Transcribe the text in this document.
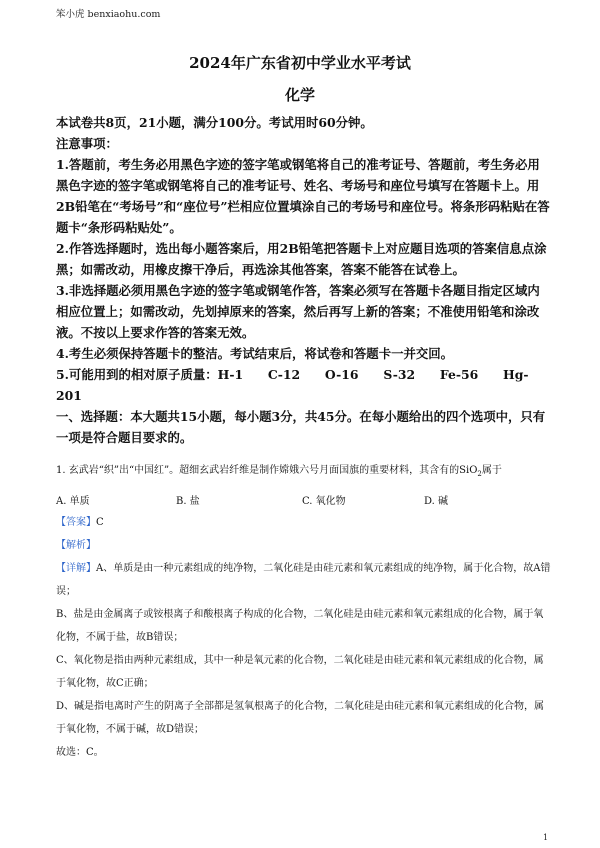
笨小虎 benxiaohu.com
2024年广东省初中学业水平考试
化学

本试卷共8页，21小题，满分100分。考试用时60分钟。

注意事项：

1.答题前，考生务必用黑色字迹的签字笔或钢笔将自己的准考证号、答题前，考生务必用黑色字迹的签字笔或钢笔将自己的准考证号、姓名、考场号和座位号填写在答题卡上。用2B铅笔在“考场号”和“座位号”栏相应位置填涂自己的考场号和座位号。将条形码粘贴在答题卡“条形码粘贴处”。

2.作答选择题时，选出每小题答案后，用2B铅笔把答题卡上对应题目选项的答案信息点涂黑；如需改动，用橡皮擦干净后，再选涂其他答案，答案不能答在试卷上。

3.非选择题必须用黑色字迹的签字笔或钢笔作答，答案必须写在答题卡各题目指定区域内相应位置上；如需改动，先划掉原来的答案，然后再写上新的答案；不准使用铅笔和涂改液。不按以上要求作答的答案无效。

4.考生必须保持答题卡的整洁。考试结束后，将试卷和答题卡一并交回。

5.可能用到的相对原子质量：H-1　　C-12　　O-16　　S-32　　Fe-56　　Hg-201

一、选择题：本大题共15小题，每小题3分，共45分。在每小题给出的四个选项中，只有一项是符合题目要求的。

1. 玄武岩“织”出“中国红”。超细玄武岩纤维是制作嫦娥六号月面国旗的重要材料，其含有的SiO$_2$属于
A. 单质	B. 盐	C. 氧化物	D. 碱

【答案】C

【解析】

【详解】A、单质是由一种元素组成的纯净物，二氧化硅是由硅元素和氧元素组成的纯净物，属于化合物，故A错误；

B、盐是由金属离子或铵根离子和酸根离子构成的化合物，二氧化硅是由硅元素和氧元素组成的化合物，属于氧化物，不属于盐，故B错误；

C、氧化物是指由两种元素组成，其中一种是氧元素的化合物，二氧化硅是由硅元素和氧元素组成的化合物，属于氧化物，故C正确；

D、碱是指电离时产生的阴离子全部都是氢氧根离子的化合物，二氧化硅是由硅元素和氧元素组成的化合物，属于氧化物，不属于碱，故D错误；

故选：C。

1
